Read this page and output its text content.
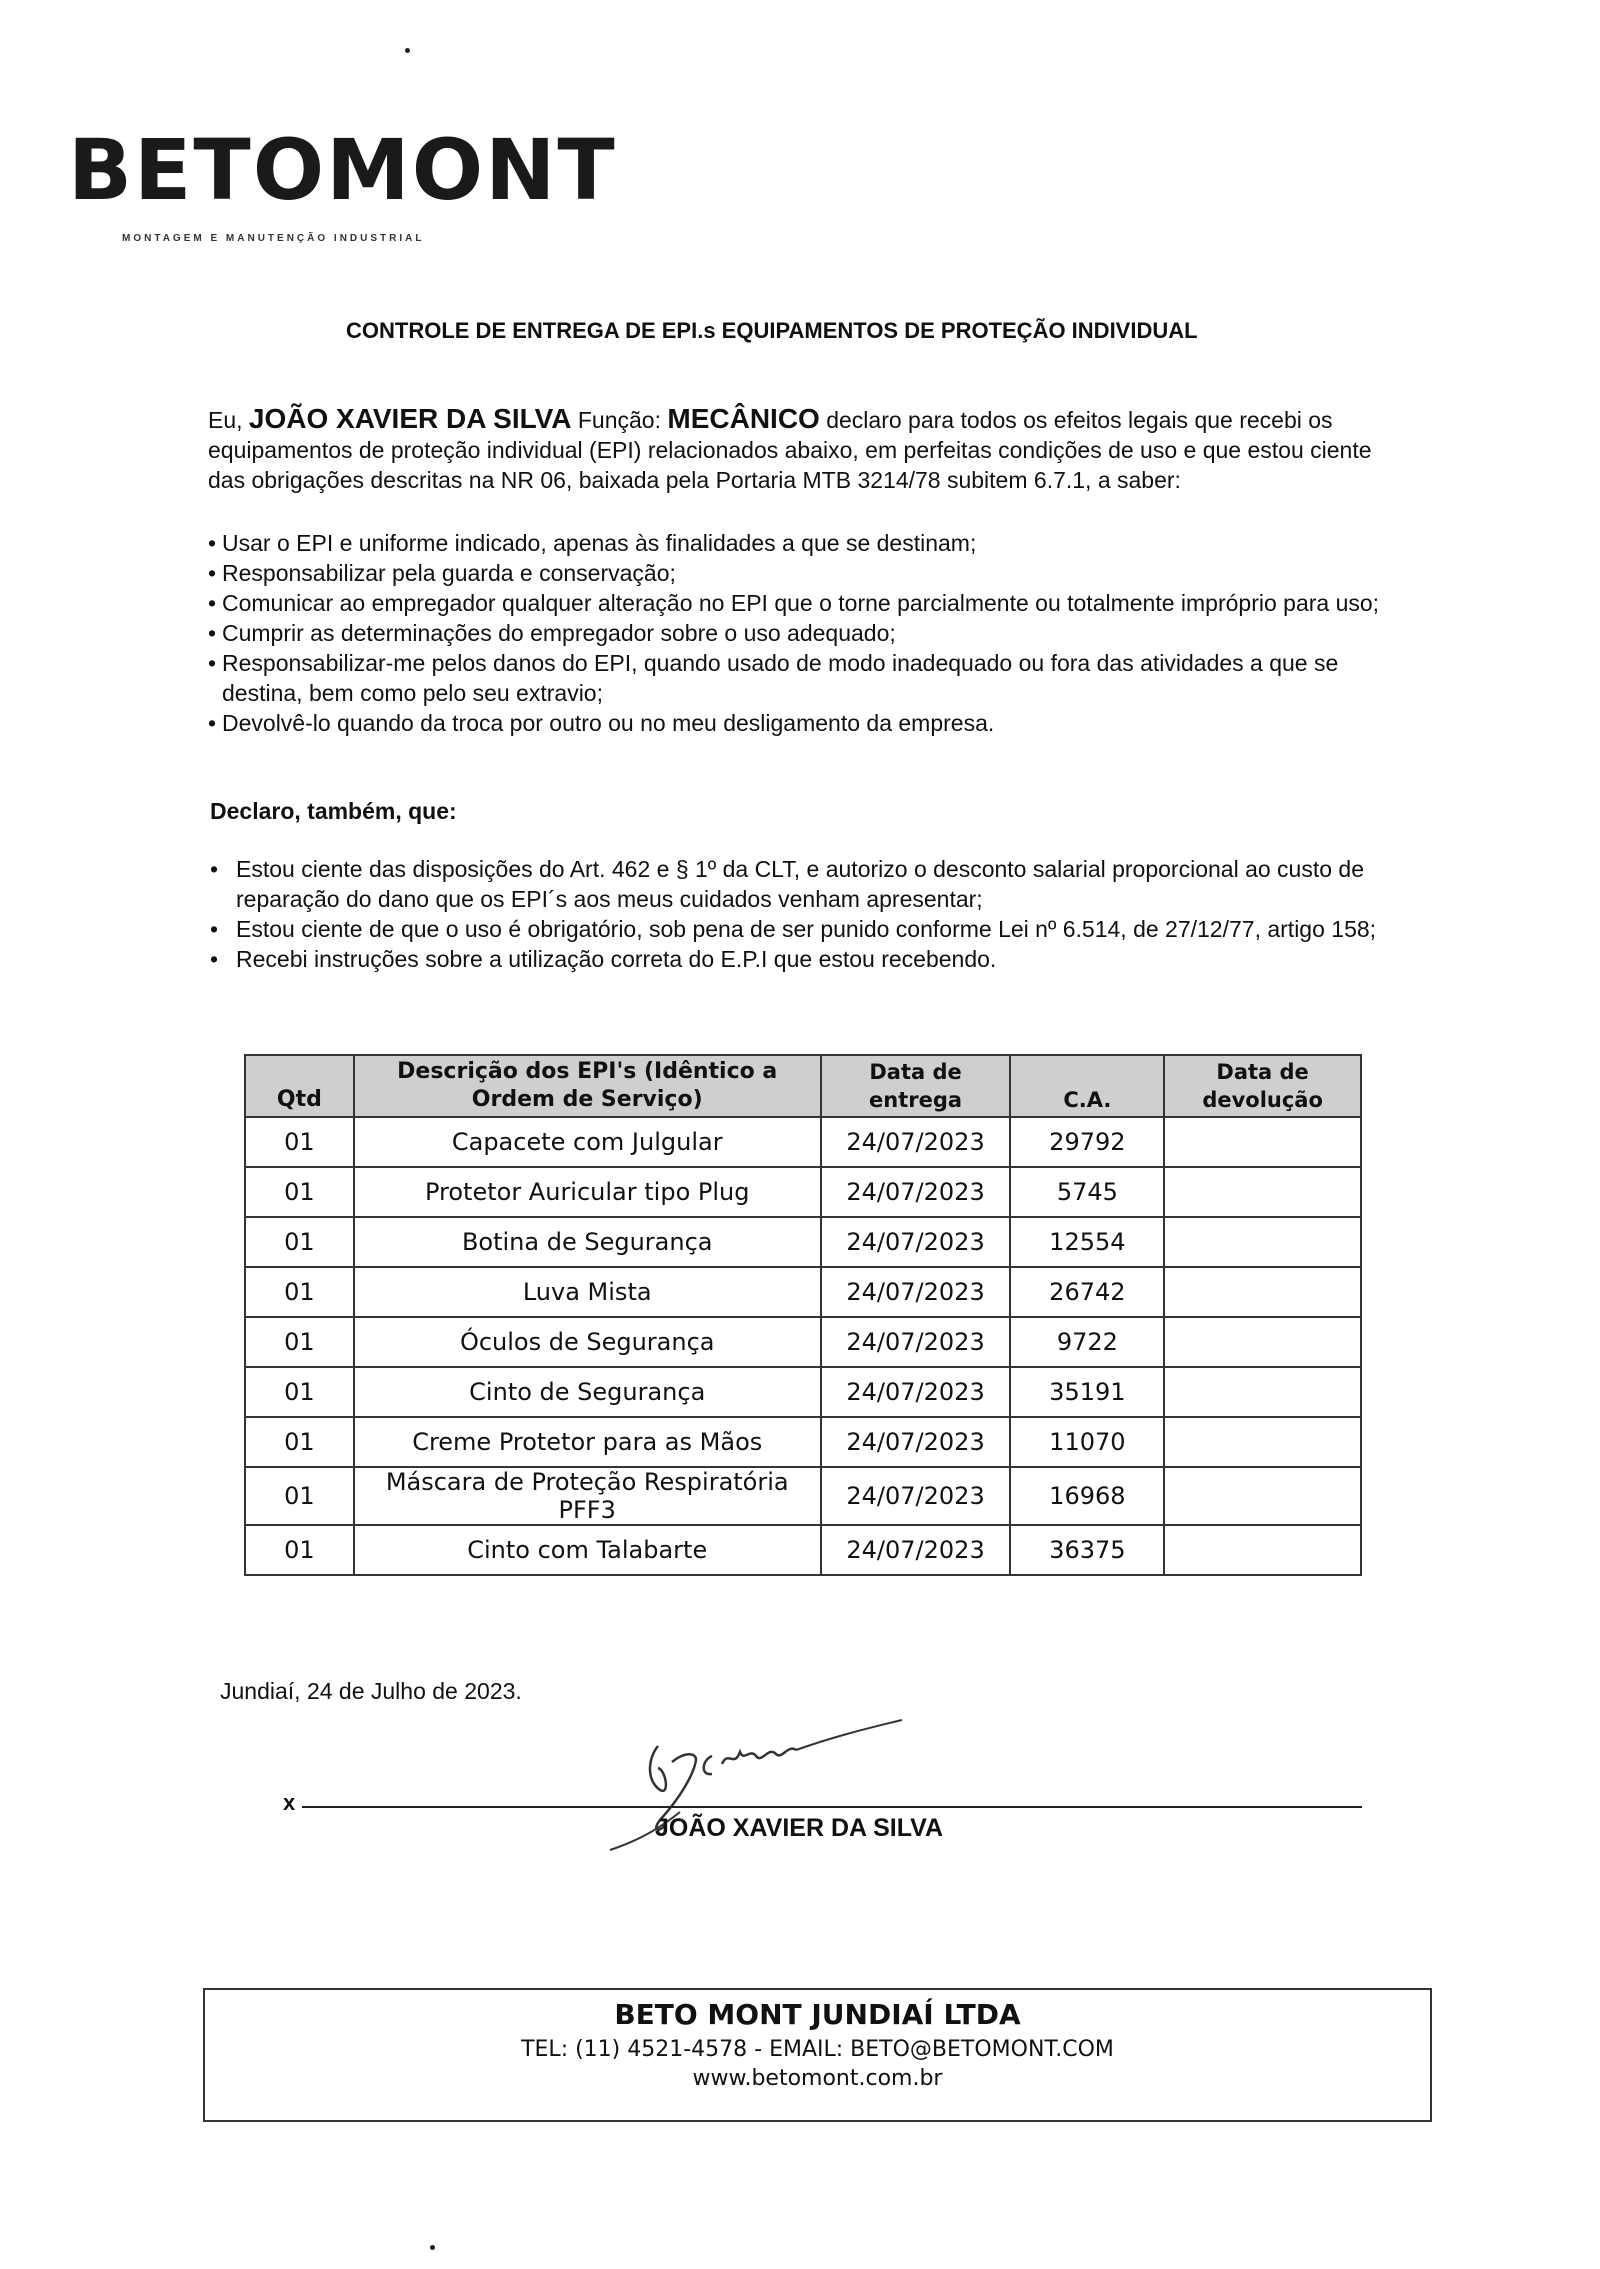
BETOMONT
MONTAGEM E MANUTENÇÃO INDUSTRIAL
CONTROLE DE ENTREGA DE EPI.s EQUIPAMENTOS DE PROTEÇÃO INDIVIDUAL

Eu, JOÃO XAVIER DA SILVA Função: MECÂNICO declaro para todos os efeitos legais que recebi os equipamentos de proteção individual (EPI) relacionados abaixo, em perfeitas condições de uso e que estou ciente das obrigações descritas na NR 06, baixada pela Portaria MTB 3214/78 subitem 6.7.1, a saber:

• Usar o EPI e uniforme indicado, apenas às finalidades a que se destinam;
• Responsabilizar pela guarda e conservação;
• Comunicar ao empregador qualquer alteração no EPI que o torne parcialmente ou totalmente impróprio para uso;
• Cumprir as determinações do empregador sobre o uso adequado;
• Responsabilizar-me pelos danos do EPI, quando usado de modo inadequado ou fora das atividades a que se destina, bem como pelo seu extravio;
• Devolvê-lo quando da troca por outro ou no meu desligamento da empresa.
Declaro, também, que:
• Estou ciente das disposições do Art. 462 e § 1º da CLT, e autorizo o desconto salarial proporcional ao custo de reparação do dano que os EPI´s aos meus cuidados venham apresentar;
• Estou ciente de que o uso é obrigatório, sob pena de ser punido conforme Lei nº 6.514, de 27/12/77, artigo 158;
• Recebi instruções sobre a utilização correta do E.P.I que estou recebendo.
Qtd	Descrição dos EPI's (Idêntico a Ordem de Serviço)	Data de entrega	C.A.	Data de devolução
01	Capacete com Julgular	24/07/2023	29792	
01	Protetor Auricular tipo Plug	24/07/2023	5745	
01	Botina de Segurança	24/07/2023	12554	
01	Luva Mista	24/07/2023	26742	
01	Óculos de Segurança	24/07/2023	9722	
01	Cinto de Segurança	24/07/2023	35191	
01	Creme Protetor para as Mãos	24/07/2023	11070	
01	Máscara de Proteção Respiratória PFF3	24/07/2023	16968	
01	Cinto com Talabarte	24/07/2023	36375	
Jundiaí, 24 de Julho de 2023.
x
JOÃO XAVIER DA SILVA
BETO MONT JUNDIAÍ LTDA
TEL: (11) 4521-4578 - EMAIL: BETO@BETOMONT.COM
www.betomont.com.br
